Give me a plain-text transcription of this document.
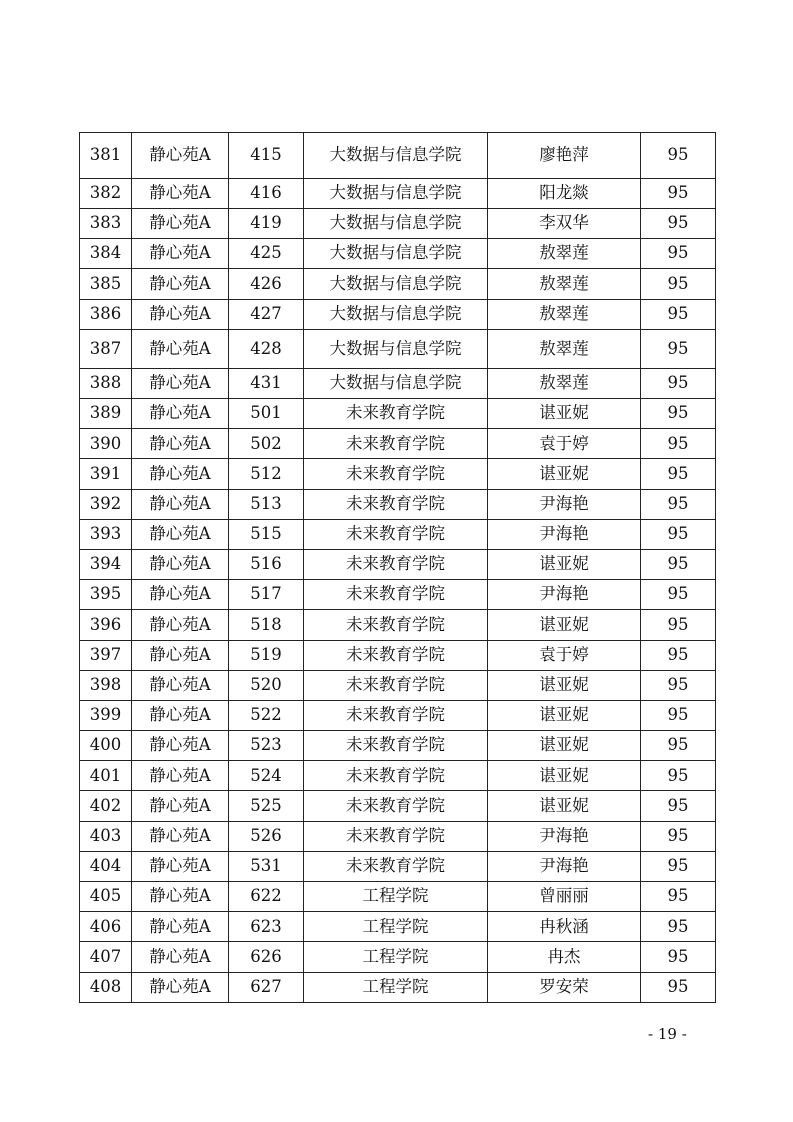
381	静心苑A	415	大数据与信息学院	廖艳萍	95
382	静心苑A	416	大数据与信息学院	阳龙燚	95
383	静心苑A	419	大数据与信息学院	李双华	95
384	静心苑A	425	大数据与信息学院	敖翠莲	95
385	静心苑A	426	大数据与信息学院	敖翠莲	95
386	静心苑A	427	大数据与信息学院	敖翠莲	95
387	静心苑A	428	大数据与信息学院	敖翠莲	95
388	静心苑A	431	大数据与信息学院	敖翠莲	95
389	静心苑A	501	未来教育学院	谌亚妮	95
390	静心苑A	502	未来教育学院	袁于婷	95
391	静心苑A	512	未来教育学院	谌亚妮	95
392	静心苑A	513	未来教育学院	尹海艳	95
393	静心苑A	515	未来教育学院	尹海艳	95
394	静心苑A	516	未来教育学院	谌亚妮	95
395	静心苑A	517	未来教育学院	尹海艳	95
396	静心苑A	518	未来教育学院	谌亚妮	95
397	静心苑A	519	未来教育学院	袁于婷	95
398	静心苑A	520	未来教育学院	谌亚妮	95
399	静心苑A	522	未来教育学院	谌亚妮	95
400	静心苑A	523	未来教育学院	谌亚妮	95
401	静心苑A	524	未来教育学院	谌亚妮	95
402	静心苑A	525	未来教育学院	谌亚妮	95
403	静心苑A	526	未来教育学院	尹海艳	95
404	静心苑A	531	未来教育学院	尹海艳	95
405	静心苑A	622	工程学院	曾丽丽	95
406	静心苑A	623	工程学院	冉秋涵	95
407	静心苑A	626	工程学院	冉杰	95
408	静心苑A	627	工程学院	罗安荣	95
- 19 -
